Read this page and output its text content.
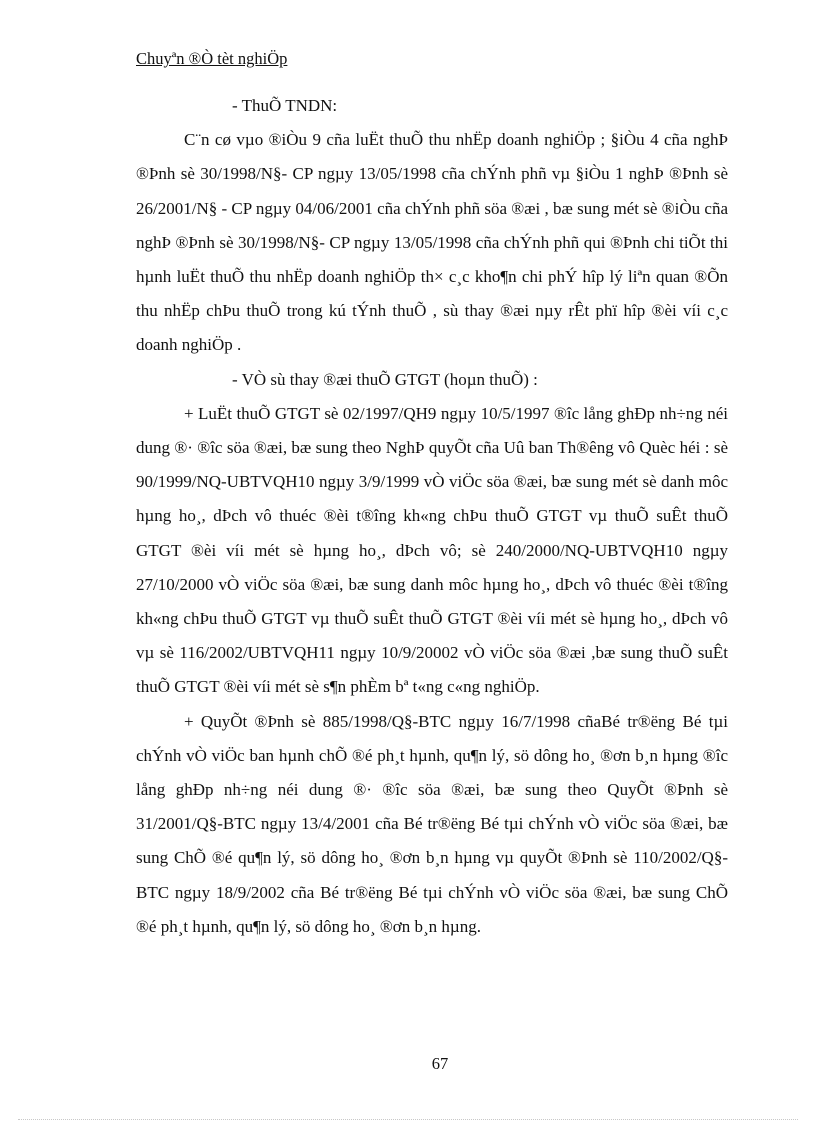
Chuyªn ®Ò tèt nghiÖp

- ThuÕ TNDN:

C¨n cø vµo ®iÒu 9 cña luËt thuÕ thu nhËp doanh nghiÖp ; §iÒu 4 cña nghÞ ®Þnh sè 30/1998/N§- CP ngµy 13/05/1998 cña chÝnh phñ vµ §iÒu 1 nghÞ ®Þnh sè 26/2001/N§ - CP ngµy 04/06/2001 cña chÝnh phñ söa ®æi , bæ sung mét sè ®iÒu cña nghÞ ®Þnh sè 30/1998/N§- CP ngµy 13/05/1998 cña chÝnh phñ qui ®Þnh chi tiÕt thi hµnh luËt thuÕ thu nhËp doanh nghiÖp th× c¸c kho¶n chi phÝ hîp lý liªn quan ®Õn thu nhËp chÞu thuÕ trong kú tÝnh thuÕ , sù thay ®æi nµy rÊt phï hîp ®èi víi c¸c doanh nghiÖp .

- VÒ sù thay ®æi thuÕ GTGT (hoµn thuÕ) :

+ LuËt thuÕ GTGT sè 02/1997/QH9 ngµy 10/5/1997 ®îc lång ghÐp nh÷ng néi dung ®· ®îc söa ®æi, bæ sung theo NghÞ quyÕt cña Uû ban Th®êng vô Quèc héi : sè 90/1999/NQ-UBTVQH10 ngµy 3/9/1999 vÒ viÖc söa ®æi, bæ sung mét sè danh môc hµng ho¸, dÞch vô thuéc ®èi t®îng kh«ng chÞu thuÕ GTGT vµ thuÕ suÊt thuÕ GTGT ®èi víi mét sè hµng ho¸, dÞch vô; sè 240/2000/NQ-UBTVQH10 ngµy 27/10/2000 vÒ viÖc söa ®æi, bæ sung danh môc hµng ho¸, dÞch vô thuéc ®èi t®îng kh«ng chÞu thuÕ GTGT vµ thuÕ suÊt thuÕ GTGT ®èi víi mét sè hµng ho¸, dÞch vô vµ sè 116/2002/UBTVQH11 ngµy 10/9/20002 vÒ viÖc söa ®æi ,bæ sung thuÕ suÊt thuÕ GTGT ®èi víi mét sè s¶n phÈm bª t«ng c«ng nghiÖp.

+ QuyÕt ®Þnh sè 885/1998/Q§-BTC ngµy 16/7/1998 cñaBé tr®ëng Bé tµi chÝnh vÒ viÖc ban hµnh chÕ ®é ph¸t hµnh, qu¶n lý, sö dông ho¸ ®ơn b¸n hµng ®îc lång ghÐp nh÷ng néi dung ®· ®îc söa ®æi, bæ sung theo QuyÕt ®Þnh sè 31/2001/Q§-BTC ngµy 13/4/2001 cña Bé tr®ëng Bé tµi chÝnh vÒ viÖc söa ®æi, bæ sung ChÕ ®é qu¶n lý, sö dông ho¸ ®ơn b¸n hµng vµ quyÕt ®Þnh sè 110/2002/Q§-BTC ngµy 18/9/2002 cña Bé tr®ëng Bé tµi chÝnh vÒ viÖc söa ®æi, bæ sung ChÕ ®é ph¸t hµnh, qu¶n lý, sö dông ho¸ ®ơn b¸n hµng.

67
